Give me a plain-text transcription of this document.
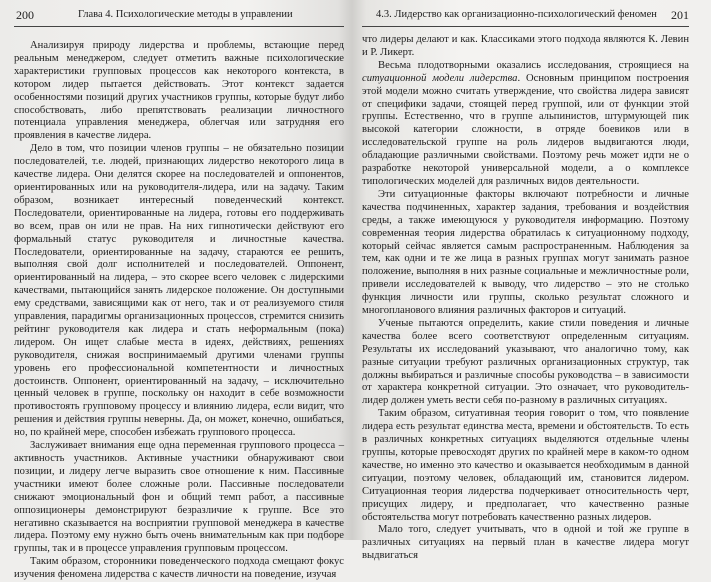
200	Глава 4. Психологические методы в управлении

Анализируя природу лидерства и проблемы, встающие перед реальным менеджером, следует отметить важные психологические характеристики групповых процессов как некоторого контекста, в котором лидер пытается действовать. Этот контекст задается особенностями позиций других участников группы, которые будут либо способствовать, либо препятствовать реализации личностного потенциала управления менеджера, облегчая или затрудняя его проявления в качестве лидера.

Дело в том, что позиции членов группы – не обязательно позиции последователей, т.е. людей, признающих лидерство некоторого лица в качестве лидера. Они делятся скорее на последователей и оппонентов, ориентированных или на руководителя-лидера, или на задачу. Таким образом, возникает интересный поведенческий контекст. Последователи, ориентированные на лидера, готовы его поддерживать во всем, прав он или не прав. На них гипнотически действуют его формальный статус руководителя и личностные качества. Последователи, ориентированные на задачу, стараются ее решить, выполняя свой долг исполнителей и последователей. Оппонент, ориентированный на лидера, – это скорее всего человек с лидерскими качествами, пытающийся занять лидерское положение. Он доступными ему средствами, зависящими как от него, так и от реализуемого стиля управления, парадигмы организационных процессов, стремится снизить рейтинг руководителя как лидера и стать неформальным (пока) лидером. Он ищет слабые места в идеях, действиях, решениях руководителя, снижая воспринимаемый другими членами группы уровень его профессиональной компетентности и личностных достоинств. Оппонент, ориентированный на задачу, – исключительно ценный человек в группе, поскольку он находит в себе возможности противостоять групповому процессу и влиянию лидера, если видит, что решения и действия группы неверны. Да, он может, конечно, ошибаться, но, по крайней мере, способен избежать группового процесса.

Заслуживает внимания еще одна переменная группового процесса – активность участников. Активные участники обнаруживают свои позиции, и лидеру легче выразить свое отношение к ним. Пассивные участники имеют более сложные роли. Пассивные последователи снижают эмоциональный фон и общий темп работ, а пассивные оппозиционеры демонстрируют безразличие к группе. Все это негативно сказывается на восприятии групповой менеджера в качестве лидера. Поэтому ему нужно быть очень внимательным как при подборе группы, так и в процессе управления групповым процессом.

Таким образом, сторонники поведенческого подхода смещают фокус изучения феномена лидерства с качеств личности на поведение, изучая

4.3. Лидерство как организационно-психологический феномен 201

что лидеры делают и как. Классиками этого подхода являются К. Левин и Р. Ликерт.

Весьма плодотворными оказались исследования, строящиеся на ситуационной модели лидерства. Основным принципом построения этой модели можно считать утверждение, что свойства лидера зависят от специфики задачи, стоящей перед группой, или от функции этой группы. Естественно, что в группе альпинистов, штурмующей пик высокой категории сложности, в отряде боевиков или в исследовательской группе на роль лидеров выдвигаются люди, обладающие различными свойствами. Поэтому речь может идти не о разработке некоторой универсальной модели, а о комплексе типологических моделей для различных видов деятельности.

Эти ситуационные факторы включают потребности и личные качества подчиненных, характер задания, требования и воздействия среды, а также имеющуюся у руководителя информацию. Поэтому современная теория лидерства обратилась к ситуационному подходу, который сейчас является самым распространенным. Наблюдения за тем, как одни и те же лица в разных группах могут занимать разное положение, выполняя в них разные социальные и межличностные роли, привели исследователей к выводу, что лидерство – это не столько функция личности или группы, сколько результат сложного и многопланового влияния различных факторов и ситуаций.

Ученые пытаются определить, какие стили поведения и личные качества более всего соответствуют определенным ситуациям. Результаты их исследований указывают, что аналогично тому, как разные ситуации требуют различных организационных структур, так должны выбираться и различные способы руководства – в зависимости от характера конкретной ситуации. Это означает, что руководитель-лидер должен уметь вести себя по-разному в различных ситуациях.

Таким образом, ситуативная теория говорит о том, что появление лидера есть результат единства места, времени и обстоятельств. То есть в различных конкретных ситуациях выделяются отдельные члены группы, которые превосходят других по крайней мере в каком-то одном качестве, но именно это качество и оказывается необходимым в данной ситуации, поэтому человек, обладающий им, становится лидером. Ситуационная теория лидерства подчеркивает относительность черт, присущих лидеру, и предполагает, что качественно разные обстоятельства могут потребовать качественно разных лидеров.

Мало того, следует учитывать, что в одной и той же группе в различных ситуациях на первый план в качестве лидера могут выдвигаться
